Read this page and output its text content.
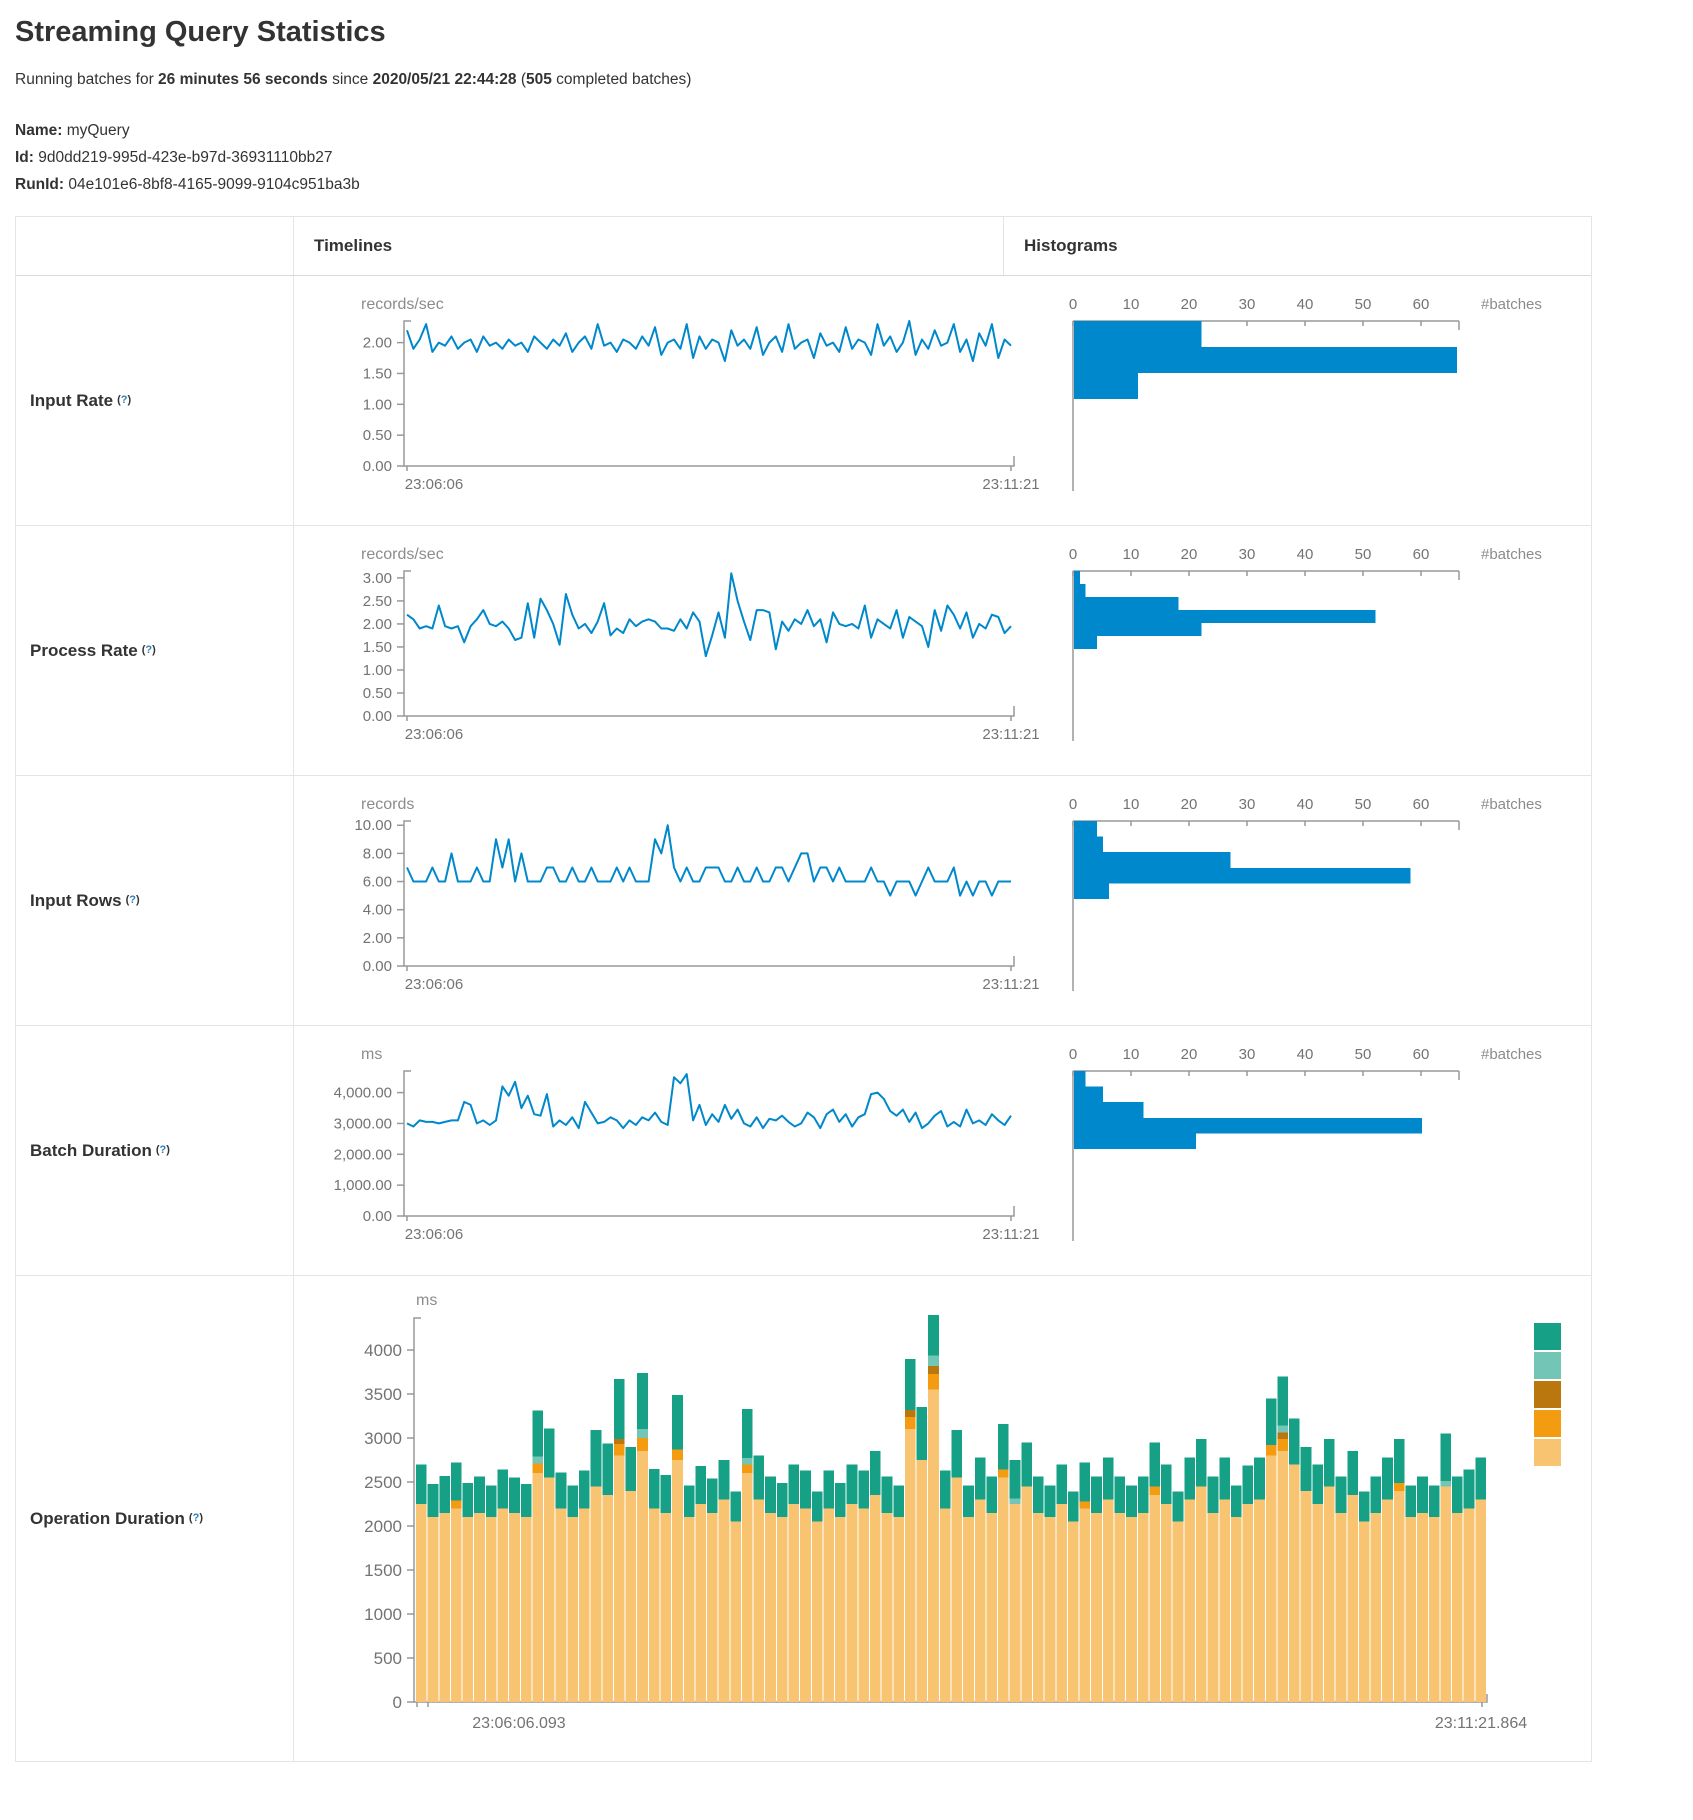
Streaming Query Statistics
Running batches for 26 minutes 56 seconds since 2020/05/21 22:44:28 (505 completed batches)
Name: myQuery
Id: 9d0dd219-995d-423e-b97d-36931110bb27
RunId: 04e101e6-8bf8-4165-9099-9104c951ba3b
Timelines	Histograms
Input Rate (?)
records/sec
2.00
1.50
1.00
0.50
0.00
23:06:06	23:11:21
0	10	20	30	40	50	60	#batches
Process Rate (?)
records/sec
3.00
2.50
2.00
1.50
1.00
0.50
0.00
23:06:06	23:11:21
0	10	20	30	40	50	60	#batches
Input Rows (?)
records
10.00
8.00
6.00
4.00
2.00
0.00
23:06:06	23:11:21
0	10	20	30	40	50	60	#batches
Batch Duration (?)
ms
4,000.00
3,000.00
2,000.00
1,000.00
0.00
23:06:06	23:11:21
0	10	20	30	40	50	60	#batches
Operation Duration (?)
ms
4000
3500
3000
2500
2000
1500
1000
500
0
23:06:06.093	23:11:21.864
